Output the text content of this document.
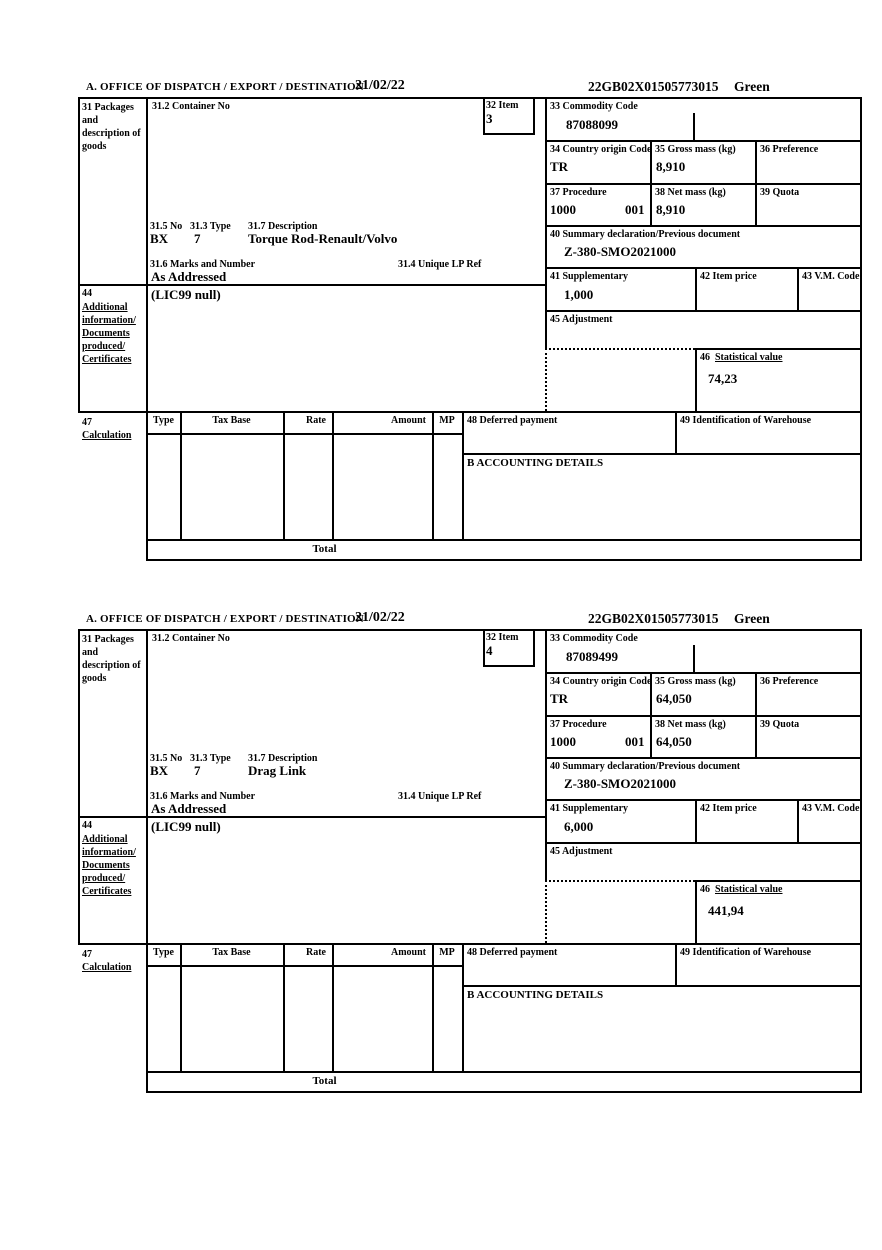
A. OFFICE OF DISPATCH / EXPORT / DESTINATION
21/02/22	22GB02X01505773015 Green
31 Packages and description of goods
44
Additional
information/
Documents
produced/
Certificates
47
Calculation
31.2 Container No	32 Item
3
31.5 No 31.3 Type 31.7 Description
BX 7	Torque Rod-Renault/Volvo
31.6 Marks and Number	31.4 Unique LP Ref
As Addressed
(LIC99 null)
33 Commodity Code
87088099
34 Country origin Code
TR
35 Gross mass (kg)
8,910
36 Preference
37 Procedure
1000	001
38 Net mass (kg)
8,910
39 Quota
40 Summary declaration/Previous document
Z-380-SMO2021000
41 Supplementary
1,000
42 Item price	43 V.M. Code
45 Adjustment
46 Statistical value
74,23
Type	Tax Base	Rate	Amount	MP	48 Deferred payment	49 Identification of Warehouse
B ACCOUNTING DETAILS
Total
A. OFFICE OF DISPATCH / EXPORT / DESTINATION
21/02/22	22GB02X01505773015 Green
31 Packages and description of goods
44
Additional
information/
Documents
produced/
Certificates
47
Calculation
31.2 Container No	32 Item
4
31.5 No 31.3 Type 31.7 Description
BX 7	Drag Link
31.6 Marks and Number	31.4 Unique LP Ref
As Addressed
(LIC99 null)
33 Commodity Code
87089499
34 Country origin Code
TR
35 Gross mass (kg)
64,050
36 Preference
37 Procedure
1000	001
38 Net mass (kg)
64,050
39 Quota
40 Summary declaration/Previous document
Z-380-SMO2021000
41 Supplementary
6,000
42 Item price	43 V.M. Code
45 Adjustment
46 Statistical value
441,94
Type	Tax Base	Rate	Amount	MP	48 Deferred payment	49 Identification of Warehouse
B ACCOUNTING DETAILS
Total
